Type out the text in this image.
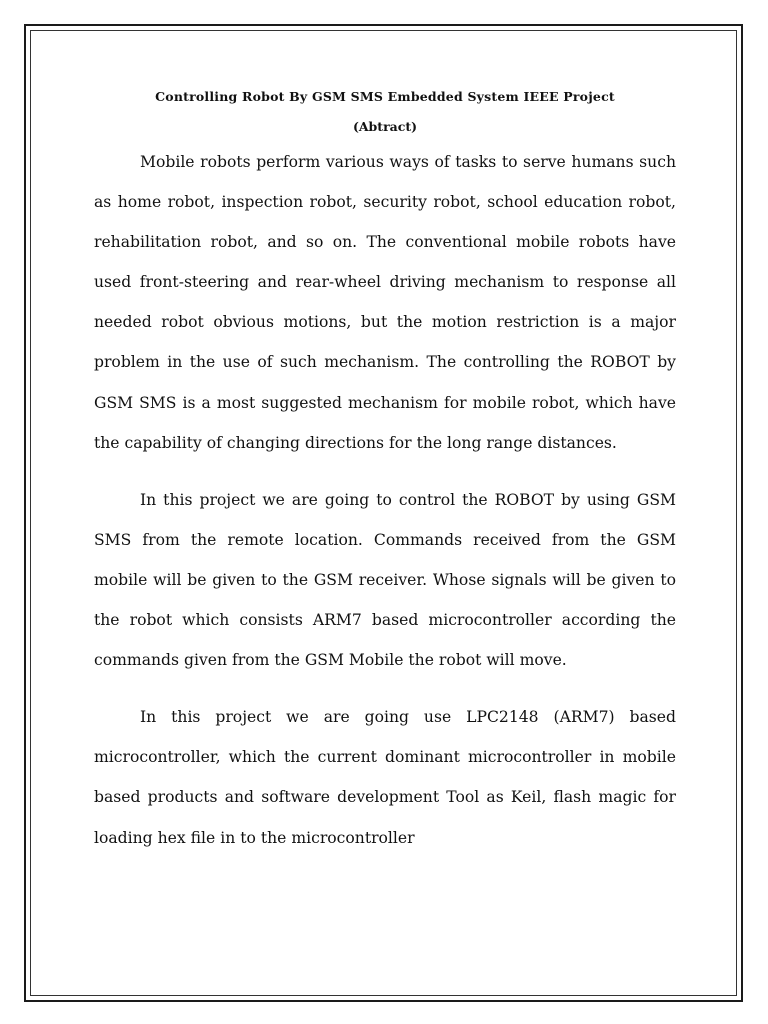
Controlling Robot By GSM SMS Embedded System IEEE Project

(Abtract)

Mobile robots perform various ways of tasks to serve humans such as home robot, inspection robot, security robot, school education robot, rehabilitation robot, and so on. The conventional mobile robots have used front-steering and rear-wheel driving mechanism to response all needed robot obvious motions, but the motion restriction is a major problem in the use of such mechanism. The controlling the ROBOT by GSM SMS is a most suggested mechanism for mobile robot, which have the capability of changing directions for the long range distances.

In this project we are going to control the ROBOT by using GSM SMS from the remote location. Commands received from the GSM mobile will be given to the GSM receiver. Whose signals will be given to the robot which consists ARM7 based microcontroller according the commands given from the GSM Mobile the robot will move.

In this project we are going use LPC2148 (ARM7) based microcontroller, which the current dominant microcontroller in mobile based products and software development Tool as Keil, flash magic for loading hex file in to the microcontroller
